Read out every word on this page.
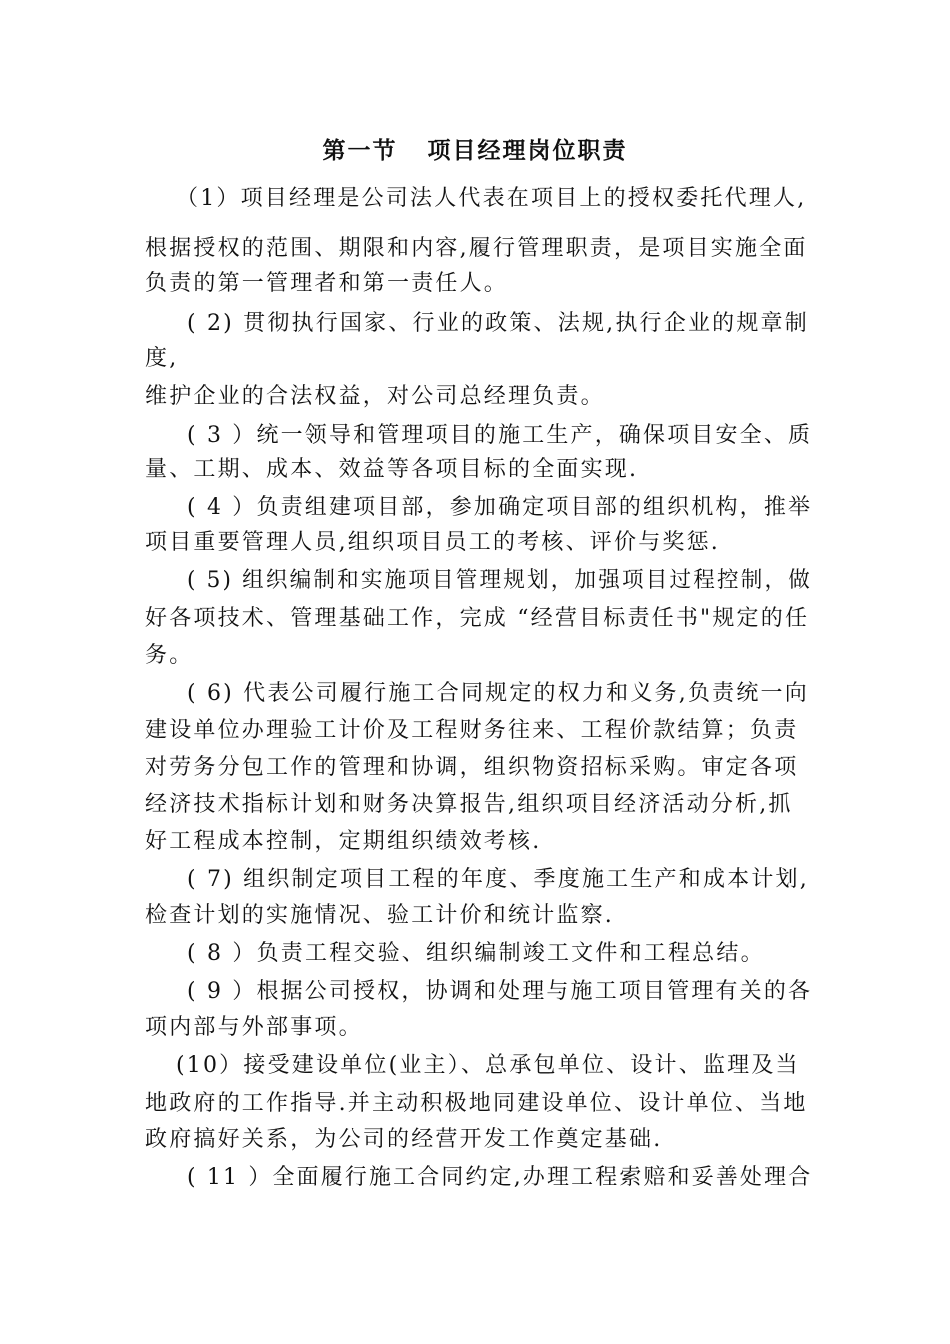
第一节   项目经理岗位职责
（1）项目经理是公司法人代表在项目上的授权委托代理人,
根据授权的范围、期限和内容,履行管理职责，是项目实施全面
负责的第一管理者和第一责任人。
( 2) 贯彻执行国家、行业的政策、法规,执行企业的规章制
度,
维护企业的合法权益，对公司总经理负责。
( 3 ）统一领导和管理项目的施工生产，确保项目安全、质
量、工期、成本、效益等各项目标的全面实现.
( 4 ）负责组建项目部，参加确定项目部的组织机构，推举
项目重要管理人员,组织项目员工的考核、评价与奖惩.
( 5) 组织编制和实施项目管理规划，加强项目过程控制，做
好各项技术、管理基础工作，完成 “经营目标责任书"规定的任
务。
( 6) 代表公司履行施工合同规定的权力和义务,负责统一向
建设单位办理验工计价及工程财务往来、工程价款结算；负责
对劳务分包工作的管理和协调，组织物资招标采购。审定各项
经济技术指标计划和财务决算报告,组织项目经济活动分析,抓
好工程成本控制，定期组织绩效考核.
( 7) 组织制定项目工程的年度、季度施工生产和成本计划,
检查计划的实施情况、验工计价和统计监察.
( 8 ）负责工程交验、组织编制竣工文件和工程总结。
( 9 ）根据公司授权，协调和处理与施工项目管理有关的各
项内部与外部事项。
(10）接受建设单位(业主）、总承包单位、设计、监理及当
地政府的工作指导.并主动积极地同建设单位、设计单位、当地
政府搞好关系，为公司的经营开发工作奠定基础.
( 11 ）全面履行施工合同约定,办理工程索赔和妥善处理合
